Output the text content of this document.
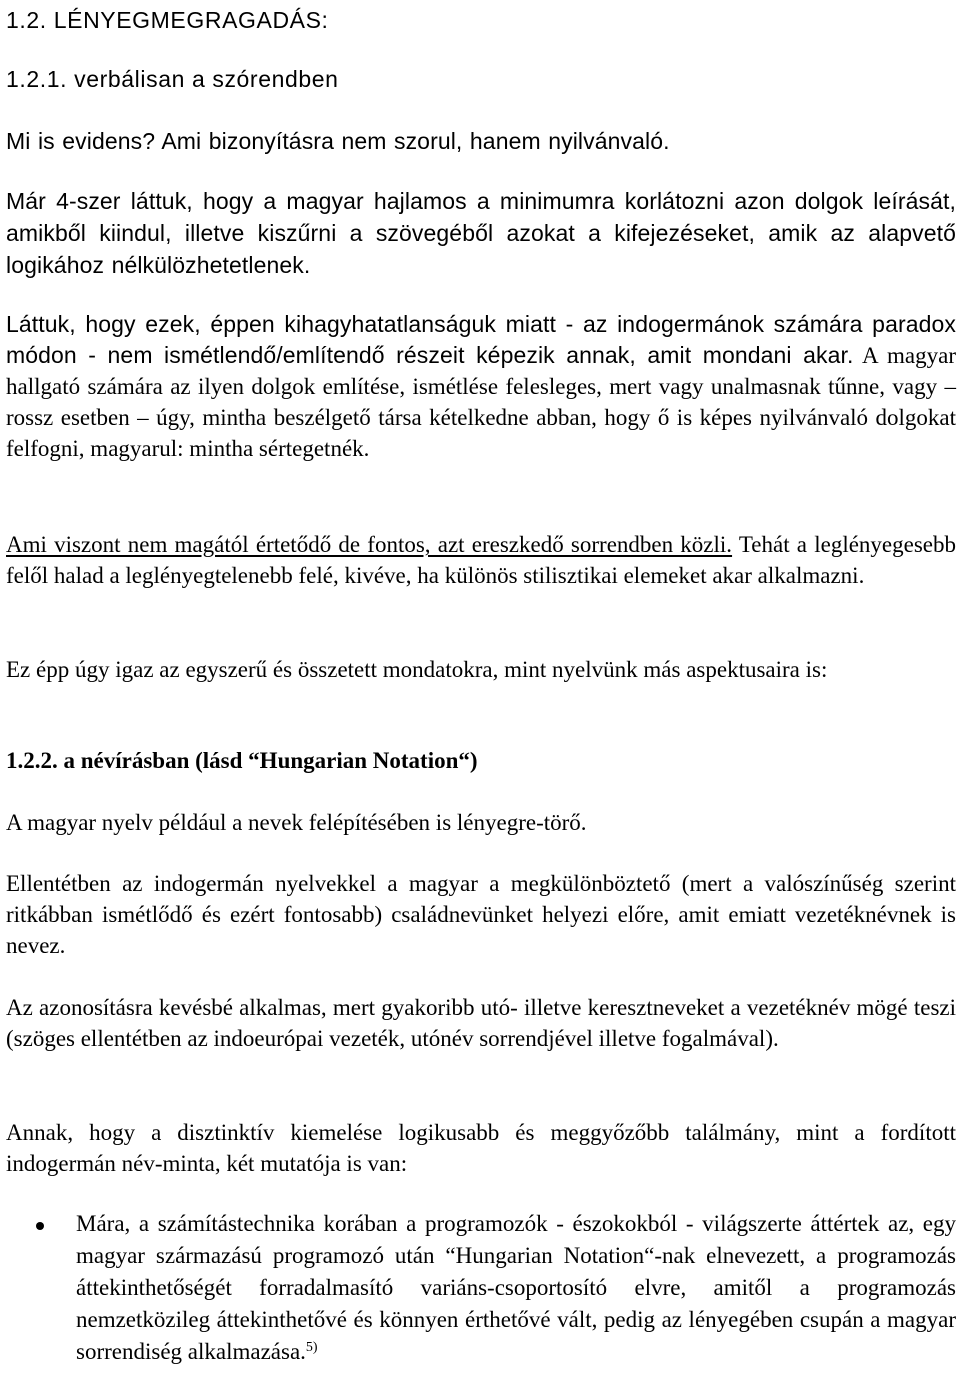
1.2. LÉNYEGMEGRAGADÁS:
1.2.1. verbálisan a szórendben

Mi is evidens? Ami bizonyításra nem szorul, hanem nyilvánvaló.

Már 4-szer láttuk, hogy a magyar hajlamos a minimumra korlátozni azon dolgok leírását, amikből kiindul, illetve kiszűrni a szövegéből azokat a kifejezéseket, amik az alapvető logikához nélkülözhetetlenek.

Láttuk, hogy ezek, éppen kihagyhatatlanságuk miatt - az indogermánok számára paradox módon - nem ismétlendő/említendő részeit képezik annak, amit mondani akar. A magyar hallgató számára az ilyen dolgok említése, ismétlése felesleges, mert vagy unalmasnak tűnne, vagy – rossz esetben – úgy, mintha beszélgető társa kételkedne abban, hogy ő is képes nyilvánvaló dolgokat felfogni, magyarul: mintha sértegetnék.

Ami viszont nem magától értetődő de fontos, azt ereszkedő sorrendben közli. Tehát a leglényegesebb felől halad a leglényegtelenebb felé, kivéve, ha különös stilisztikai elemeket akar alkalmazni.

Ez épp úgy igaz az egyszerű és összetett mondatokra, mint nyelvünk más aspektusaira is:

1.2.2. a névírásban (lásd “Hungarian Notation“)

A magyar nyelv például a nevek felépítésében is lényegre-törő.

Ellentétben az indogermán nyelvekkel a magyar a megkülönböztető (mert a valószínűség szerint ritkábban ismétlődő és ezért fontosabb) családnevünket helyezi előre, amit emiatt vezetéknévnek is nevez.

Az azonosításra kevésbé alkalmas, mert gyakoribb utó- illetve keresztneveket a vezetéknév mögé teszi (szöges ellentétben az indoeurópai vezeték, utónév sorrendjével illetve fogalmával).

Annak, hogy a disztinktív kiemelése logikusabb és meggyőzőbb találmány, mint a fordított indogermán név-minta, két mutatója is van:

Mára, a számítástechnika korában a programozók - észokokból - világszerte áttértek az, egy magyar származású programozó után “Hungarian Notation“-nak elnevezett, a programozás áttekinthetőségét forradalmasító variáns-csoportosító elvre, amitől a programozás nemzetközileg áttekinthetővé és könnyen érthetővé vált, pedig az lényegében csupán a magyar sorrendiség alkalmazása.$^{5)}$
